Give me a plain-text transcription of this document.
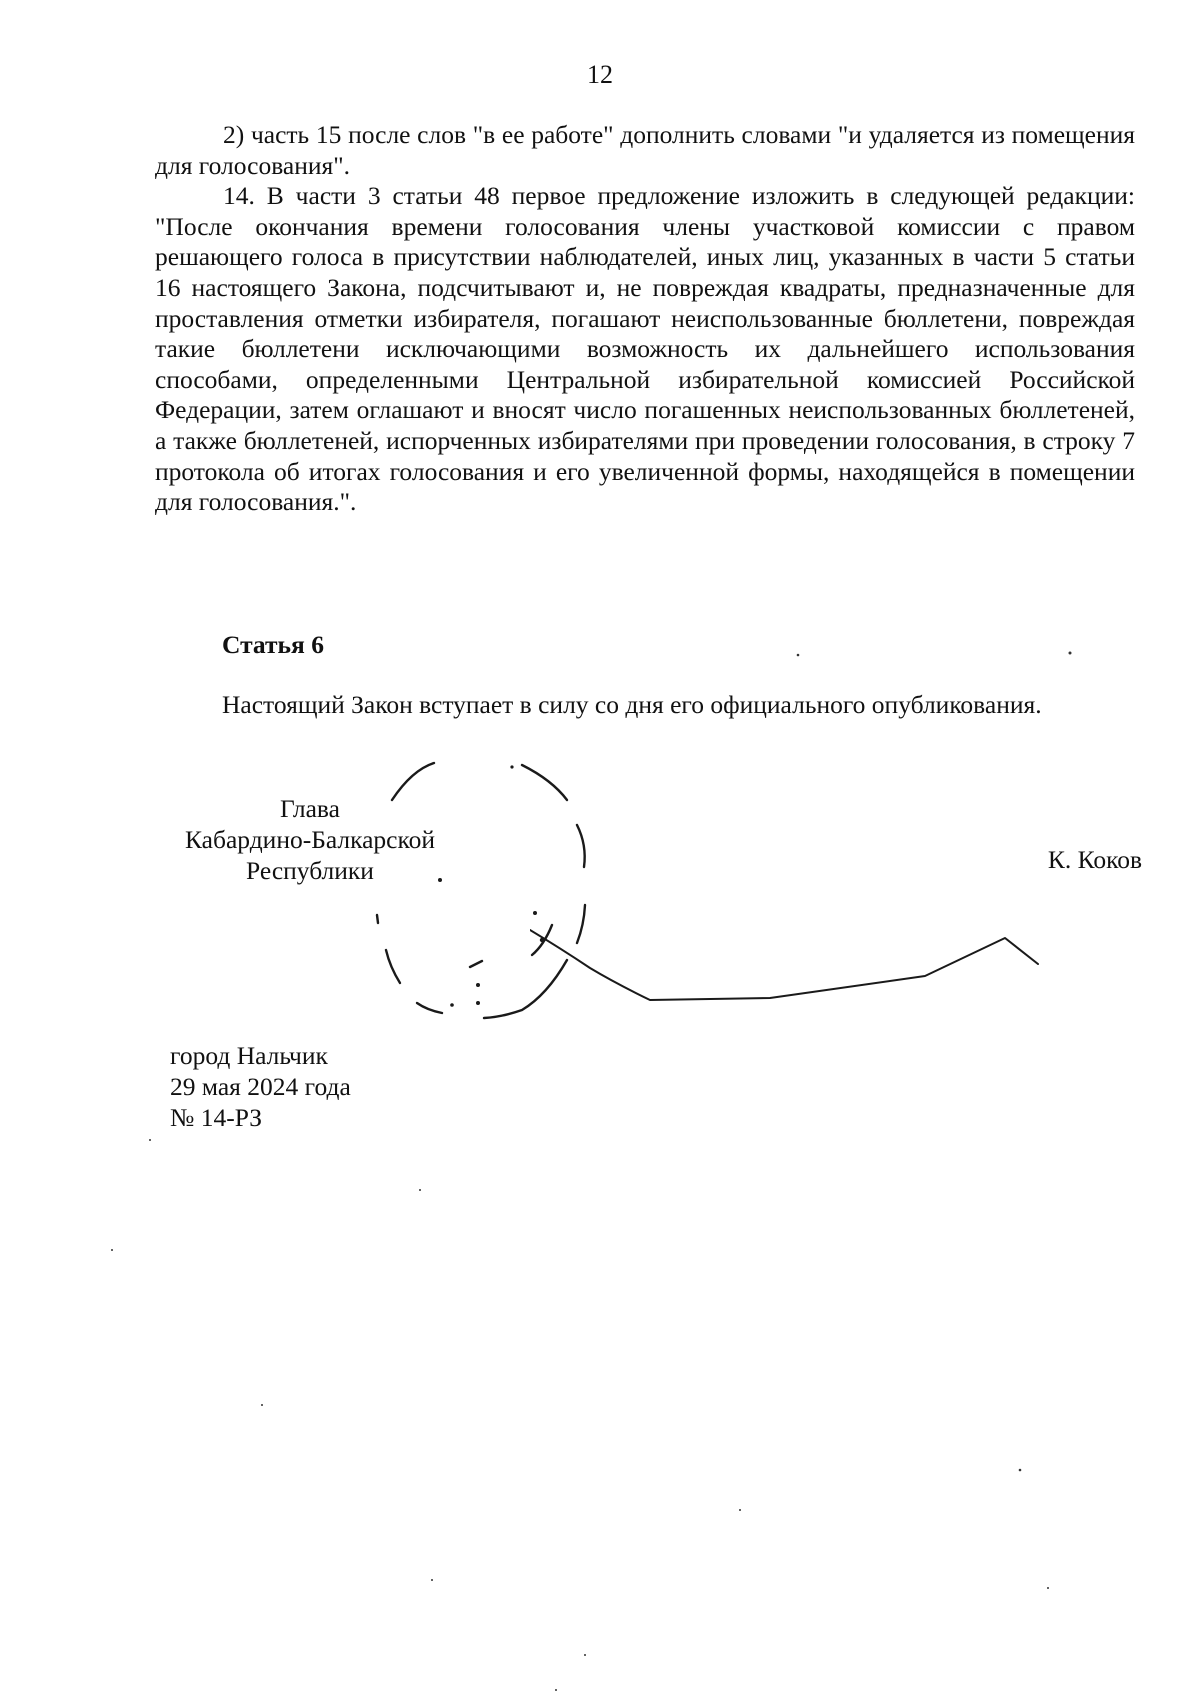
12

2) часть 15 после слов "в ее работе" дополнить словами "и удаляется из помещения для голосования".

14. В части 3 статьи 48 первое предложение изложить в следующей редакции: "После окончания времени голосования члены участковой комиссии с правом решающего голоса в присутствии наблюдателей, иных лиц, указанных в части 5 статьи 16 настоящего Закона, подсчитывают и, не повреждая квадраты, предназначенные для проставления отметки избирателя, погашают неиспользованные бюллетени, повреждая такие бюллетени исключающими возможность их дальнейшего использования способами, определенными Центральной избирательной комиссией Российской Федерации, затем оглашают и вносят число погашенных неиспользованных бюллетеней, а также бюллетеней, испорченных избирателями при проведении голосования, в строку 7 протокола об итогах голосования и его увеличенной формы, находящейся в помещении для голосования.".

Статья 6
Настоящий Закон вступает в силу со дня его официального опубликования.
Глава
Кабардино-Балкарской
Республики	К. Коков
город Нальчик
29 мая 2024 года
№ 14-РЗ
